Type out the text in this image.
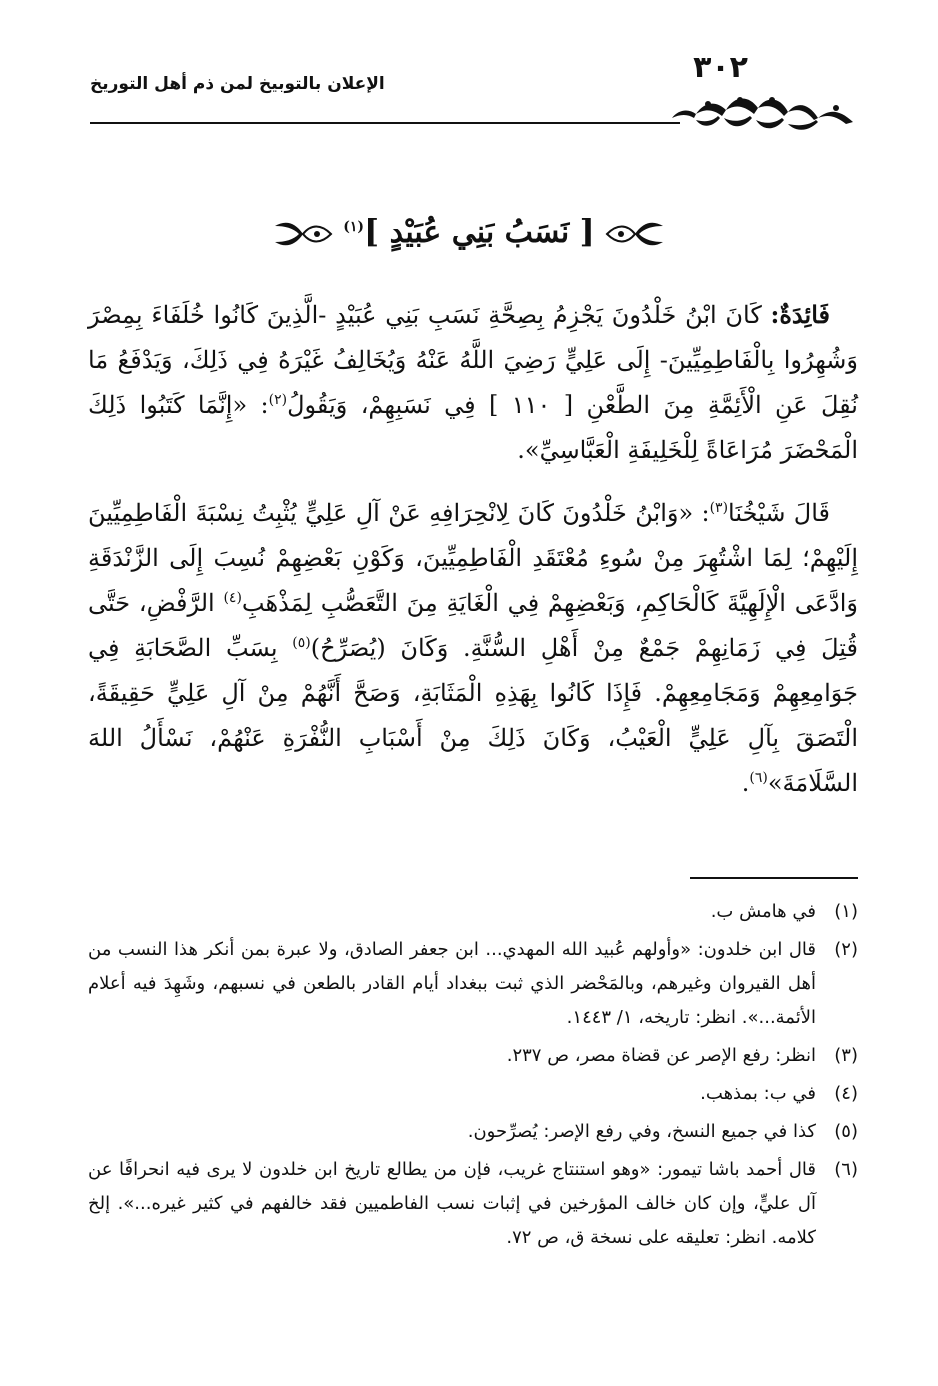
٣٠٢
الإعلان بالتوبيخ لمن ذم أهل التوريخ
[ نَسَبُ بَنِي عُبَيْدٍ ]$^{(١)}$

فَائِدَةٌ: كَانَ ابْنُ خَلْدُونَ يَجْزِمُ بِصِحَّةِ نَسَبِ بَنِي عُبَيْدٍ -الَّذِينَ كَانُوا خُلَفَاءَ بِمِصْرَ وَشُهِرُوا بِالْفَاطِمِيِّينَ- إِلَى عَلِيٍّ رَضِيَ اللَّهُ عَنْهُ وَيُخَالِفُ غَيْرَهُ فِي ذَلِكَ، وَيَدْفَعُ مَا نُقِلَ عَنِ الْأَئِمَّةِ مِنَ الطَّعْنِ [ ١١٠ ] فِي نَسَبِهِمْ، وَيَقُولُ$^{(٢)}$: «إِنَّمَا كَتَبُوا ذَلِكَ الْمَحْضَرَ مُرَاعَاةً لِلْخَلِيفَةِ الْعَبَّاسِيِّ».

قَالَ شَيْخُنَا$^{(٣)}$: «وَابْنُ خَلْدُونَ كَانَ لِانْحِرَافِهِ عَنْ آلِ عَلِيٍّ يُثْبِتُ نِسْبَةَ الْفَاطِمِيِّينَ إِلَيْهِمْ؛ لِمَا اشْتُهِرَ مِنْ سُوءِ مُعْتَقَدِ الْفَاطِمِيِّينَ، وَكَوْنِ بَعْضِهِمْ نُسِبَ إِلَى الزَّنْدَقَةِ وَادَّعَى الْإِلَهِيَّةَ كَالْحَاكِمِ، وَبَعْضِهِمْ فِي الْغَايَةِ مِنَ التَّعَصُّبِ لِمَذْهَبِ$^{(٤)}$ الرَّفْضِ، حَتَّى قُتِلَ فِي زَمَانِهِمْ جَمْعٌ مِنْ أَهْلِ السُّنَّةِ. وَكَانَ (يُصَرِّحُ)$^{(٥)}$ بِسَبِّ الصَّحَابَةِ فِي جَوَامِعِهِمْ وَمَجَامِعِهِمْ. فَإِذَا كَانُوا بِهَذِهِ الْمَثَابَةِ، وَصَحَّ أَنَّهُمْ مِنْ آلِ عَلِيٍّ حَقِيقَةً، الْتَصَقَ بِآلِ عَلِيٍّ الْعَيْبُ، وَكَانَ ذَلِكَ مِنْ أَسْبَابِ النُّفْرَةِ عَنْهُمْ، نَسْأَلُ اللهَ السَّلَامَةَ»$^{(٦)}$.

(١)
في هامش ب.
(٢)
قال ابن خلدون: «وأولهم عُبيد الله المهدي... ابن جعفر الصادق، ولا عبرة بمن أنكر هذا النسب من أهل القيروان وغيرهم، وبالمَحْضر الذي ثبت ببغداد أيام القادر بالطعن في نسبهم، وشَهِدَ فيه أعلام الأئمة...». انظر: تاريخه، ١/ ١٤٤٣.
(٣)
انظر: رفع الإصر عن قضاة مصر، ص ٢٣٧.
(٤)
في ب: بمذهب.
(٥)
كذا في جميع النسخ، وفي رفع الإصر: يُصرِّحون.
(٦)
قال أحمد باشا تيمور: «وهو استنتاج غريب، فإن من يطالع تاريخ ابن خلدون لا يرى فيه انحرافًا عن آل عليٍّ، وإن كان خالف المؤرخين في إثبات نسب الفاطميين فقد خالفهم في كثير غيره...». إلخ كلامه. انظر: تعليقه على نسخة ق، ص ٧٢.
